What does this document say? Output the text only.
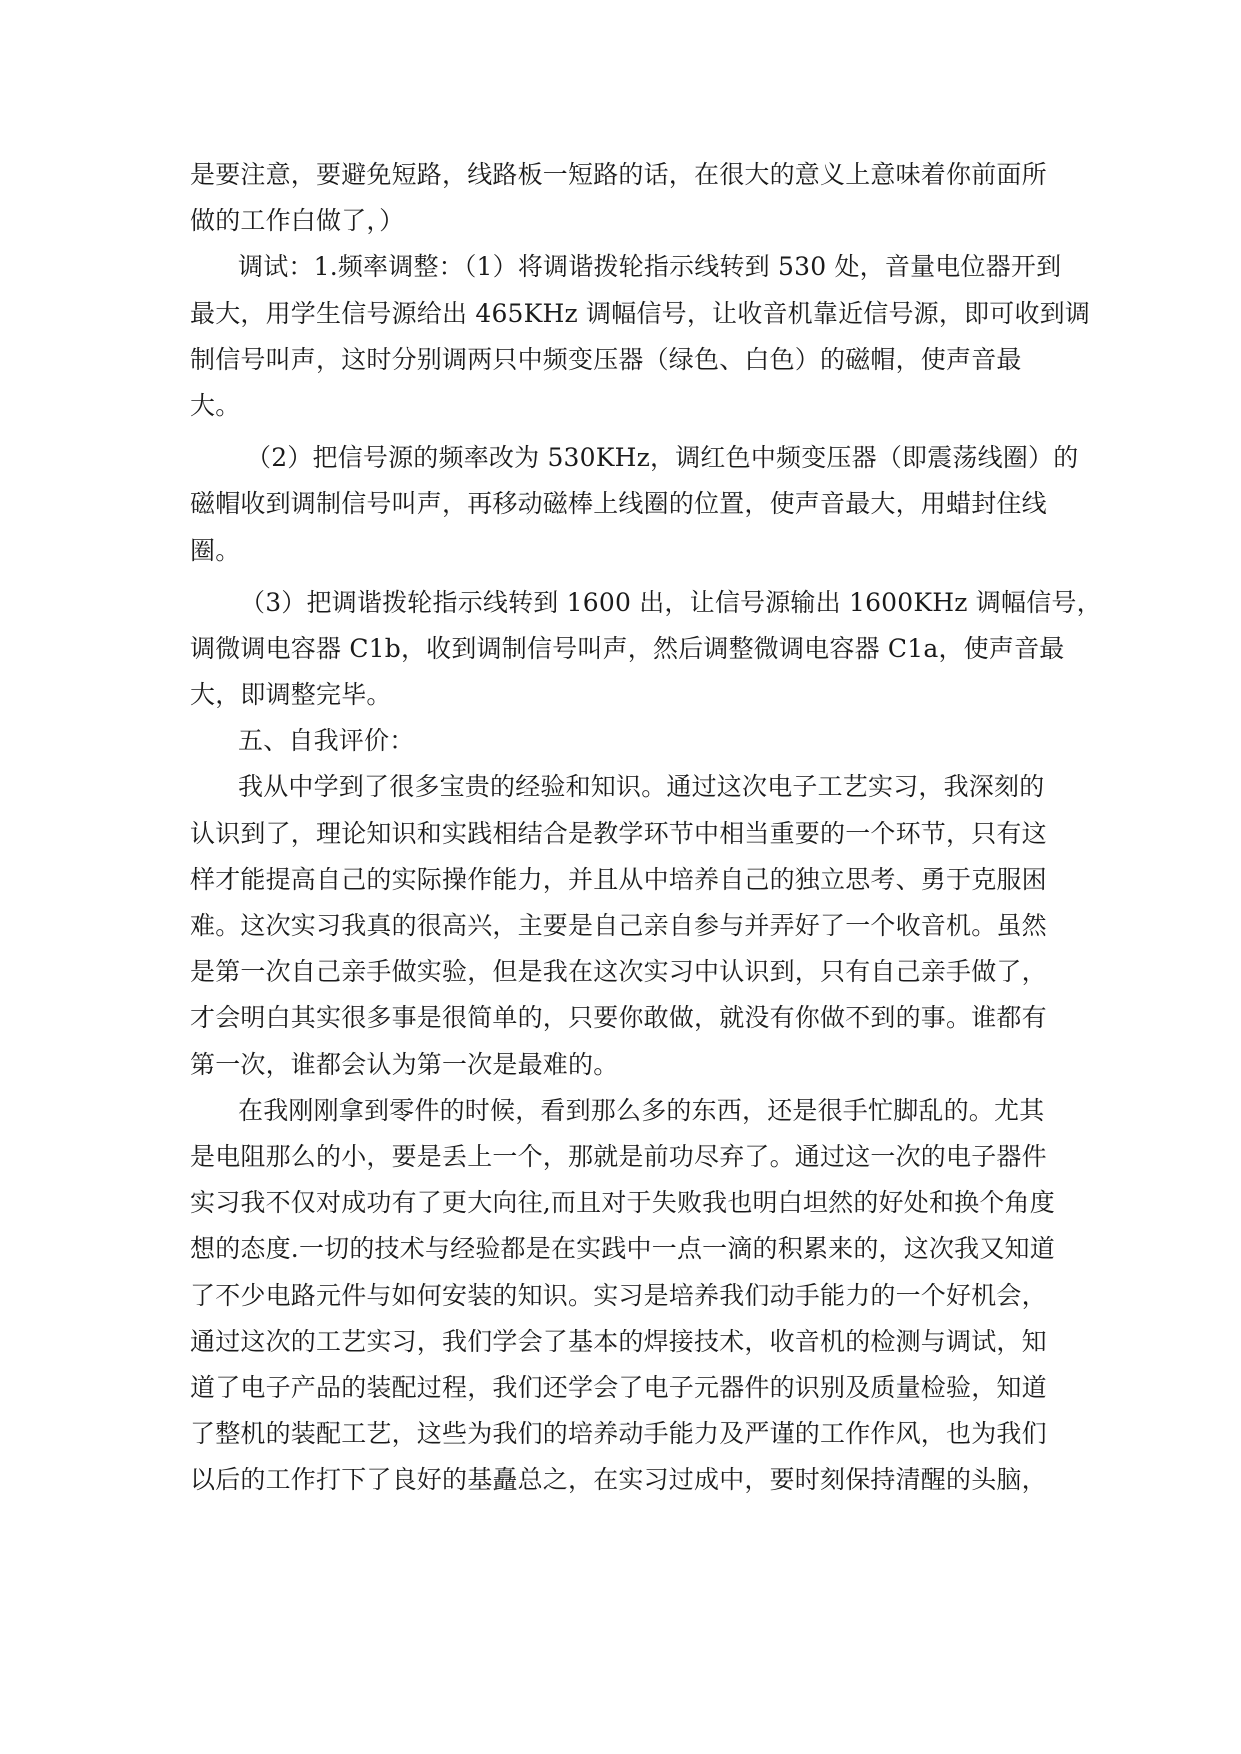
是要注意，要避免短路，线路板一短路的话，在很大的意义上意味着你前面所
做的工作白做了，）
调试：1.频率调整：（1）将调谐拨轮指示线转到 530 处，音量电位器开到
最大，用学生信号源给出 465KHz 调幅信号，让收音机靠近信号源，即可收到调
制信号叫声，这时分别调两只中频变压器（绿色、白色）的磁帽，使声音最
大。
（2）把信号源的频率改为 530KHz，调红色中频变压器（即震荡线圈）的
磁帽收到调制信号叫声，再移动磁棒上线圈的位置，使声音最大，用蜡封住线
圈。
（3）把调谐拨轮指示线转到 1600 出，让信号源输出 1600KHz 调幅信号，
调微调电容器 C1b，收到调制信号叫声，然后调整微调电容器 C1a，使声音最
大，即调整完毕。
五、自我评价：
我从中学到了很多宝贵的经验和知识。通过这次电子工艺实习，我深刻的
认识到了，理论知识和实践相结合是教学环节中相当重要的一个环节，只有这
样才能提高自己的实际操作能力，并且从中培养自己的独立思考、勇于克服困
难。这次实习我真的很高兴，主要是自己亲自参与并弄好了一个收音机。虽然
是第一次自己亲手做实验，但是我在这次实习中认识到，只有自己亲手做了，
才会明白其实很多事是很简单的，只要你敢做，就没有你做不到的事。谁都有
第一次，谁都会认为第一次是最难的。
在我刚刚拿到零件的时候，看到那么多的东西，还是很手忙脚乱的。尤其
是电阻那么的小，要是丢上一个，那就是前功尽弃了。通过这一次的电子器件
实习我不仅对成功有了更大向往,而且对于失败我也明白坦然的好处和换个角度
想的态度.一切的技术与经验都是在实践中一点一滴的积累来的，这次我又知道
了不少电路元件与如何安装的知识。实习是培养我们动手能力的一个好机会，
通过这次的工艺实习，我们学会了基本的焊接技术，收音机的检测与调试，知
道了电子产品的装配过程，我们还学会了电子元器件的识别及质量检验，知道
了整机的装配工艺，这些为我们的培养动手能力及严谨的工作作风，也为我们
以后的工作打下了良好的基矗总之，在实习过成中，要时刻保持清醒的头脑，
